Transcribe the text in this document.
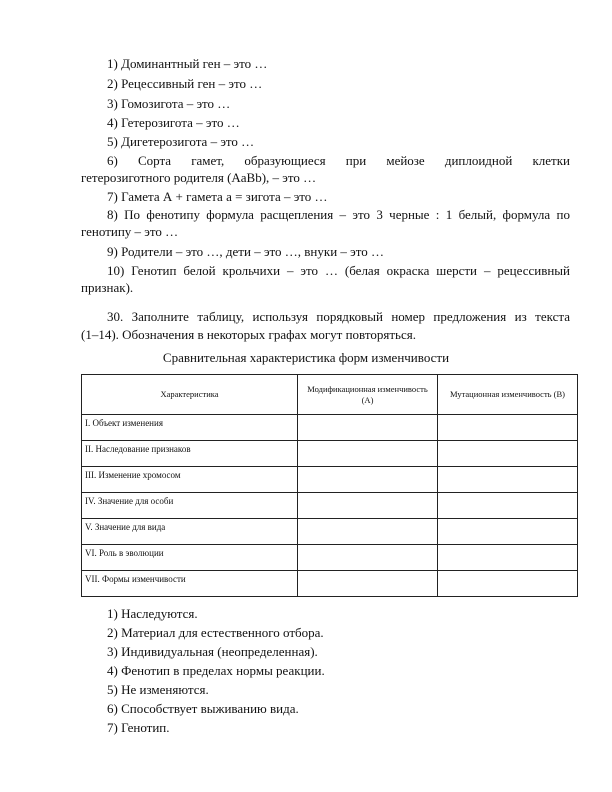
1) Доминантный ген – это …
2) Рецессивный ген – это …
3) Гомозигота – это …
4) Гетерозигота – это …
5) Дигетерозигота – это …
6) Сорта гамет, образующиеся при мейозе диплоидной клетки
гетерозиготного родителя (AaBb), – это …
7) Гамета А + гамета а = зигота – это …
8) По фенотипу формула расщепления – это 3 черные : 1 белый, формула по
генотипу – это …
9) Родители – это …, дети – это …, внуки – это …
10) Генотип белой крольчихи – это … (белая окраска шерсти – рецессивный
признак).
30. Заполните таблицу, используя порядковый номер предложения из текста
(1–14). Обозначения в некоторых графах могут повторяться.
Сравнительная характеристика форм изменчивости
Характеристика	Модификационная изменчивость (А)	Мутационная изменчивость (В)
I. Объект изменения		
II. Наследование признаков		
III. Изменение хромосом		
IV. Значение для особи		
V. Значение для вида		
VI. Роль в эволюции		
VII. Формы изменчивости		
1) Наследуются.
2) Материал для естественного отбора.
3) Индивидуальная (неопределенная).
4) Фенотип в пределах нормы реакции.
5) Не изменяются.
6) Способствует выживанию вида.
7) Генотип.
